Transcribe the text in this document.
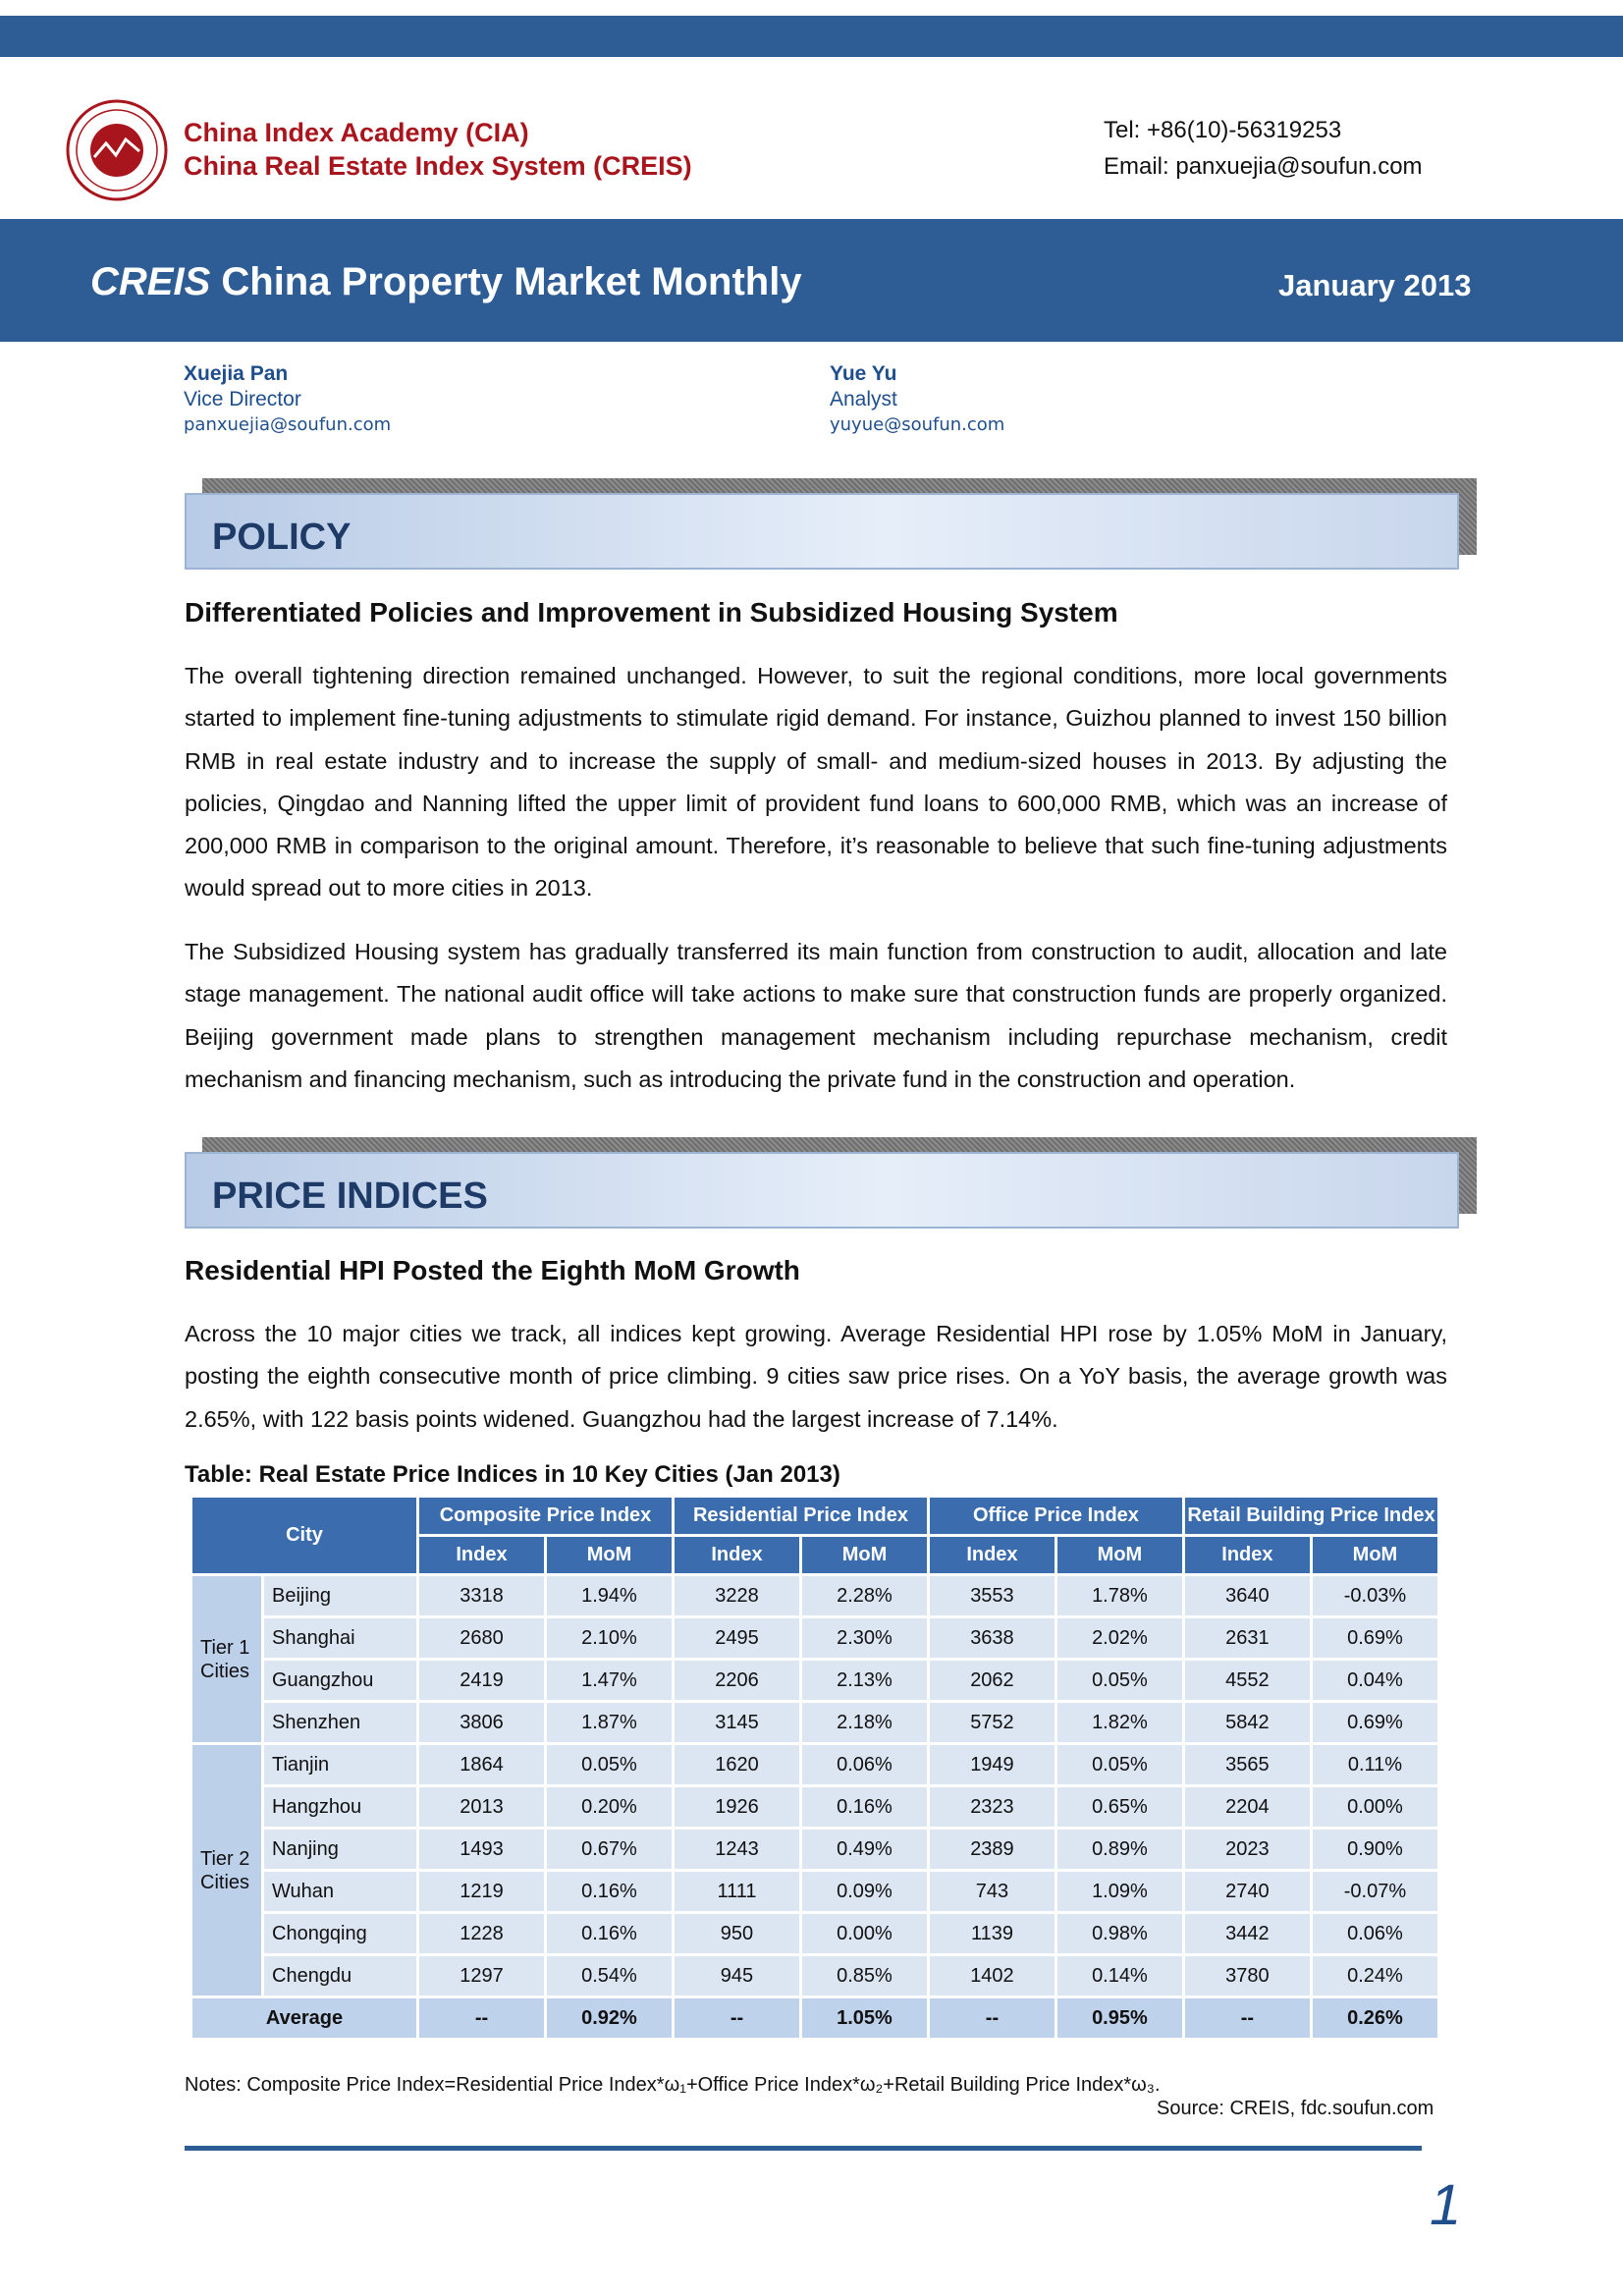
China Index Academy (CIA)
China Real Estate Index System (CREIS)
Tel: +86(10)-56319253
Email: panxuejia@soufun.com
CREIS China Property Market Monthly	January 2013
Xuejia Pan
Vice Director
panxuejia@soufun.com
Yue Yu
Analyst
yuyue@soufun.com
POLICY
Differentiated Policies and Improvement in Subsidized Housing System

The overall tightening direction remained unchanged. However, to suit the regional conditions, more local governments started to implement fine-tuning adjustments to stimulate rigid demand. For instance, Guizhou planned to invest 150 billion RMB in real estate industry and to increase the supply of small- and medium-sized houses in 2013. By adjusting the policies, Qingdao and Nanning lifted the upper limit of provident fund loans to 600,000 RMB, which was an increase of 200,000 RMB in comparison to the original amount. Therefore, it’s reasonable to believe that such fine-tuning adjustments would spread out to more cities in 2013.

The Subsidized Housing system has gradually transferred its main function from construction to audit, allocation and late stage management. The national audit office will take actions to make sure that construction funds are properly organized. Beijing government made plans to strengthen management mechanism including repurchase mechanism, credit mechanism and financing mechanism, such as introducing the private fund in the construction and operation.

PRICE INDICES
Residential HPI Posted the Eighth MoM Growth

Across the 10 major cities we track, all indices kept growing. Average Residential HPI rose by 1.05% MoM in January, posting the eighth consecutive month of price climbing. 9 cities saw price rises. On a YoY basis, the average growth was 2.65%, with 122 basis points widened. Guangzhou had the largest increase of 7.14%.

Table: Real Estate Price Indices in 10 Key Cities (Jan 2013)
City		Composite Price Index		Residential Price Index		Office Price Index		Retail Building Price Index	
		Index	MoM	Index	MoM	Index	MoM	Index	MoM
Tier 1 Cities	Beijing	3318	1.94%	3228	2.28%	3553	1.78%	3640	-0.03%
	Shanghai	2680	2.10%	2495	2.30%	3638	2.02%	2631	0.69%
	Guangzhou	2419	1.47%	2206	2.13%	2062	0.05%	4552	0.04%
	Shenzhen	3806	1.87%	3145	2.18%	5752	1.82%	5842	0.69%
Tier 2 Cities	Tianjin	1864	0.05%	1620	0.06%	1949	0.05%	3565	0.11%
	Hangzhou	2013	0.20%	1926	0.16%	2323	0.65%	2204	0.00%
	Nanjing	1493	0.67%	1243	0.49%	2389	0.89%	2023	0.90%
	Wuhan	1219	0.16%	1111	0.09%	743	1.09%	2740	-0.07%
	Chongqing	1228	0.16%	950	0.00%	1139	0.98%	3442	0.06%
	Chengdu	1297	0.54%	945	0.85%	1402	0.14%	3780	0.24%
Average		--	0.92%	--	1.05%	--	0.95%	--	0.26%
Notes: Composite Price Index=Residential Price Index*ω₁+Office Price Index*ω₂+Retail Building Price Index*ω₃.
Source: CREIS, fdc.soufun.com
1
